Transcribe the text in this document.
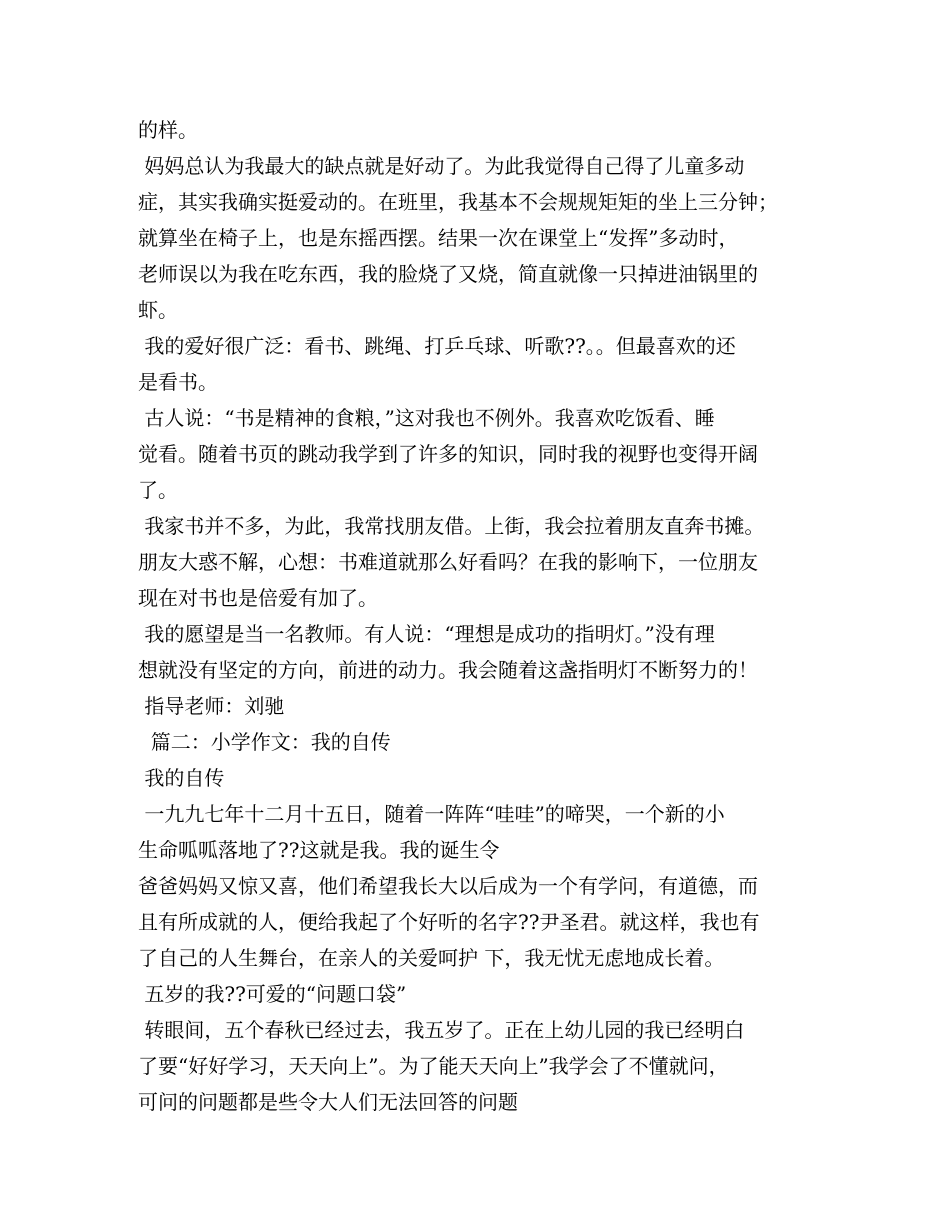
的样。
妈妈总认为我最大的缺点就是好动了。为此我觉得自己得了儿童多动
症，其实我确实挺爱动的。在班里，我基本不会规规矩矩的坐上三分钟；
就算坐在椅子上，也是东摇西摆。结果一次在课堂上“发挥”多动时，
老师误以为我在吃东西，我的脸烧了又烧，简直就像一只掉进油锅里的
虾。
我的爱好很广泛：看书、跳绳、打乒乓球、听歌??。。但最喜欢的还
是看书。
古人说：“书是精神的食粮，”这对我也不例外。我喜欢吃饭看、睡
觉看。随着书页的跳动我学到了许多的知识，同时我的视野也变得开阔
了。
我家书并不多，为此，我常找朋友借。上街，我会拉着朋友直奔书摊。
朋友大惑不解，心想：书难道就那么好看吗？在我的影响下，一位朋友
现在对书也是倍爱有加了。
我的愿望是当一名教师。有人说：“理想是成功的指明灯。”没有理
想就没有坚定的方向，前进的动力。我会随着这盏指明灯不断努力的！
指导老师：刘驰
篇二：小学作文：我的自传
我的自传
一九九七年十二月十五日，随着一阵阵“哇哇”的啼哭，一个新的小
生命呱呱落地了??这就是我。我的诞生令
爸爸妈妈又惊又喜，他们希望我长大以后成为一个有学问，有道德，而
且有所成就的人，便给我起了个好听的名字??尹圣君。就这样，我也有
了自己的人生舞台，在亲人的关爱呵护 下，我无忧无虑地成长着。
五岁的我??可爱的“问题口袋”
转眼间，五个春秋已经过去，我五岁了。正在上幼儿园的我已经明白
了要“好好学习，天天向上”。为了能天天向上”我学会了不懂就问，
可问的问题都是些令大人们无法回答的问题
